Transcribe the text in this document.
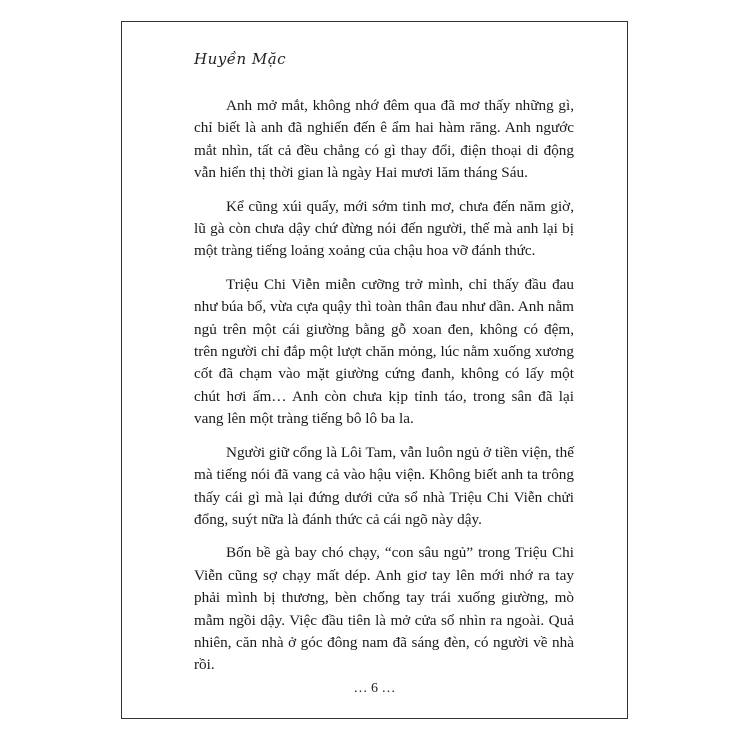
Huyền Mặc

Anh mở mắt, không nhớ đêm qua đã mơ thấy những gì, chỉ biết là anh đã nghiến đến ê ẩm hai hàm răng. Anh ngước mắt nhìn, tất cả đều chẳng có gì thay đổi, điện thoại di động vẫn hiển thị thời gian là ngày Hai mươi lăm tháng Sáu.

Kể cũng xúi quẩy, mới sớm tinh mơ, chưa đến năm giờ, lũ gà còn chưa dậy chứ đừng nói đến người, thế mà anh lại bị một tràng tiếng loảng xoảng của chậu hoa vỡ đánh thức.

Triệu Chi Viễn miễn cưỡng trở mình, chỉ thấy đầu đau như búa bổ, vừa cựa quậy thì toàn thân đau như dần. Anh nằm ngủ trên một cái giường bằng gỗ xoan đen, không có đệm, trên người chỉ đắp một lượt chăn mỏng, lúc nằm xuống xương cốt đã chạm vào mặt giường cứng đanh, không có lấy một chút hơi ấm… Anh còn chưa kịp tỉnh táo, trong sân đã lại vang lên một tràng tiếng bô lô ba la.

Người giữ cổng là Lôi Tam, vẫn luôn ngủ ở tiền viện, thế mà tiếng nói đã vang cả vào hậu viện. Không biết anh ta trông thấy cái gì mà lại đứng dưới cửa sổ nhà Triệu Chi Viễn chửi đổng, suýt nữa là đánh thức cả cái ngõ này dậy.

Bốn bề gà bay chó chạy, “con sâu ngủ” trong Triệu Chi Viễn cũng sợ chạy mất dép. Anh giơ tay lên mới nhớ ra tay phải mình bị thương, bèn chống tay trái xuống giường, mò mẫm ngồi dậy. Việc đầu tiên là mở cửa sổ nhìn ra ngoài. Quả nhiên, căn nhà ở góc đông nam đã sáng đèn, có người về nhà rồi.

… 6 …
